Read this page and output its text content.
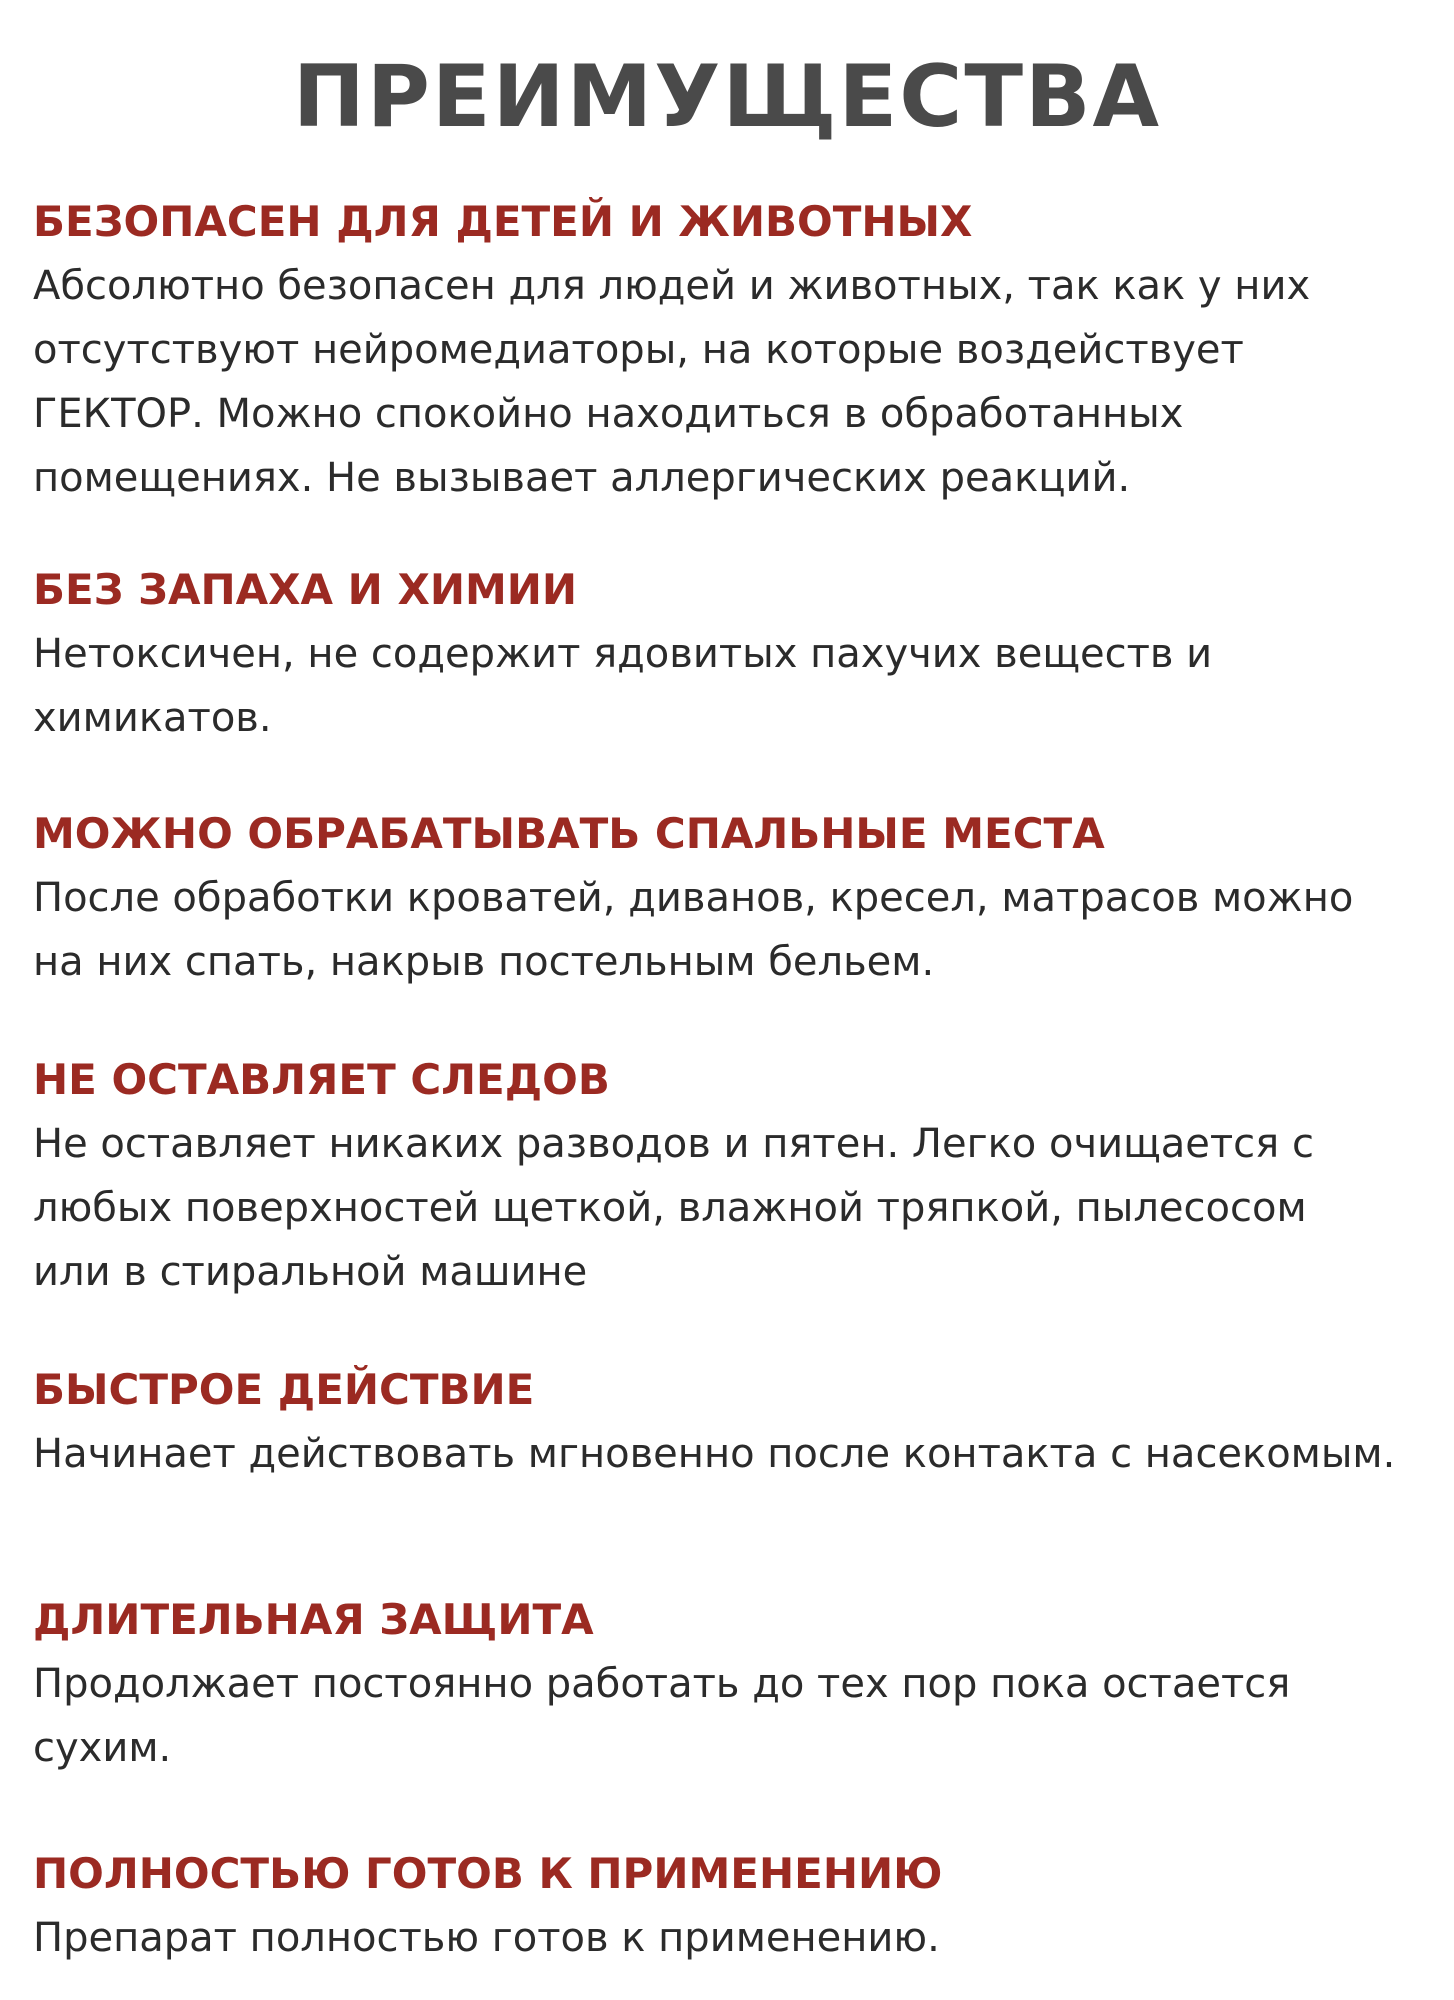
ПРЕИМУЩЕСТВА
БЕЗОПАСЕН ДЛЯ ДЕТЕЙ И ЖИВОТНЫХ

Абсолютно безопасен для людей и животных, так как у них

отсутствуют нейромедиаторы, на которые воздействует

ГЕКТОР. Можно спокойно находиться в обработанных

помещениях. Не вызывает аллергических реакций.

БЕЗ ЗАПАХА И ХИМИИ

Нетоксичен, не содержит ядовитых пахучих веществ и

химикатов.

МОЖНО ОБРАБАТЫВАТЬ СПАЛЬНЫЕ МЕСТА

После обработки кроватей, диванов, кресел, матрасов можно

на них спать, накрыв постельным бельем.

НЕ ОСТАВЛЯЕТ СЛЕДОВ

Не оставляет никаких разводов и пятен. Легко очищается с

любых поверхностей щеткой, влажной тряпкой, пылесосом

или в стиральной машине

БЫСТРОЕ ДЕЙСТВИЕ

Начинает действовать мгновенно после контакта с насекомым.

ДЛИТЕЛЬНАЯ ЗАЩИТА

Продолжает постоянно работать до тех пор пока остается

сухим.

ПОЛНОСТЬЮ ГОТОВ К ПРИМЕНЕНИЮ

Препарат полностью готов к применению.
